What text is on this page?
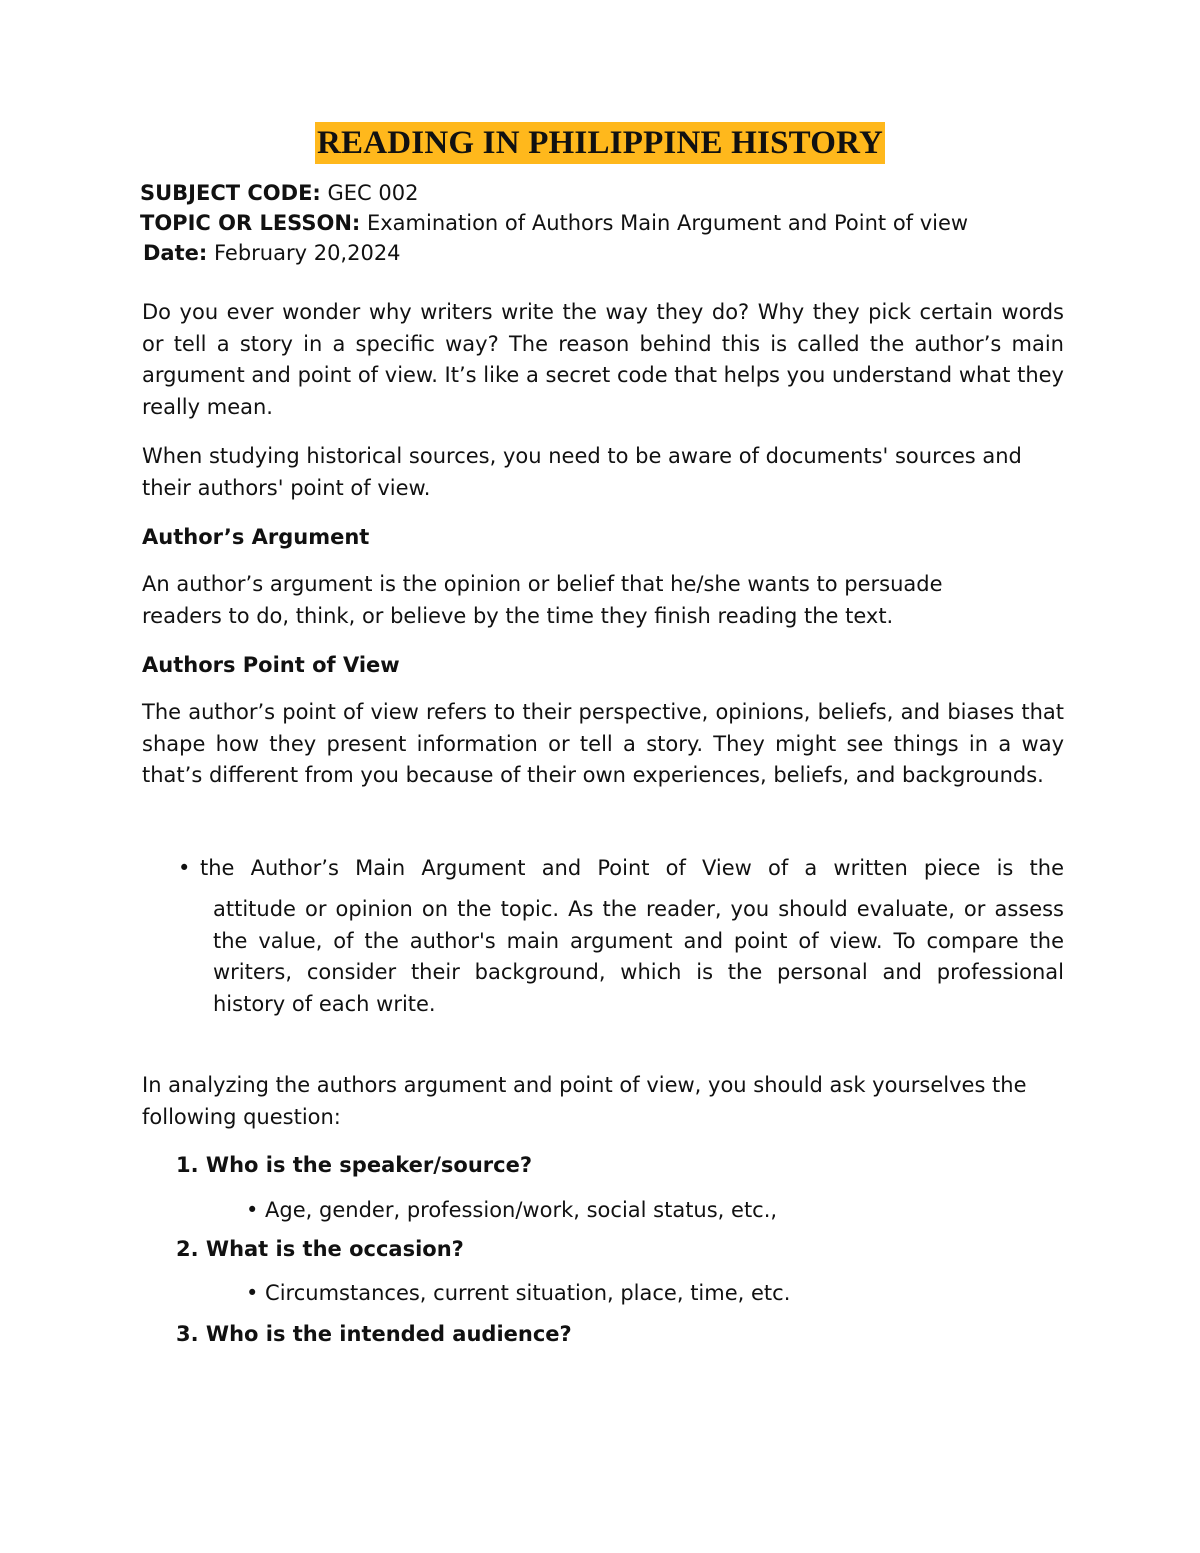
READING IN PHILIPPINE HISTORY
SUBJECT CODE: GEC 002
TOPIC OR LESSON: Examination of Authors Main Argument and Point of view
Date: February 20,2024
Do you ever wonder why writers write the way they do? Why they pick certain words or tell a story in a specific way? The reason behind this is called the author’s main argument and point of view. It’s like a secret code that helps you understand what they really mean.
When studying historical sources, you need to be aware of documents' sources and their authors' point of view.
Author’s Argument
An author’s argument is the opinion or belief that he/she wants to persuade readers to do, think, or believe by the time they finish reading the text.
Authors Point of View
The author’s point of view refers to their perspective, opinions, beliefs, and biases that shape how they present information or tell a story. They might see things in a way that’s different from you because of their own experiences, beliefs, and backgrounds.
• the Author’s Main Argument and Point of View of a written piece is the
attitude or opinion on the topic. As the reader, you should evaluate, or assess the value, of the author's main argument and point of view. To compare the writers, consider their background, which is the personal and professional history of each write.
In analyzing the authors argument and point of view, you should ask yourselves the following question:
1. Who is the speaker/source?
• Age, gender, profession/work, social status, etc.,
2. What is the occasion?
• Circumstances, current situation, place, time, etc.
3. Who is the intended audience?
